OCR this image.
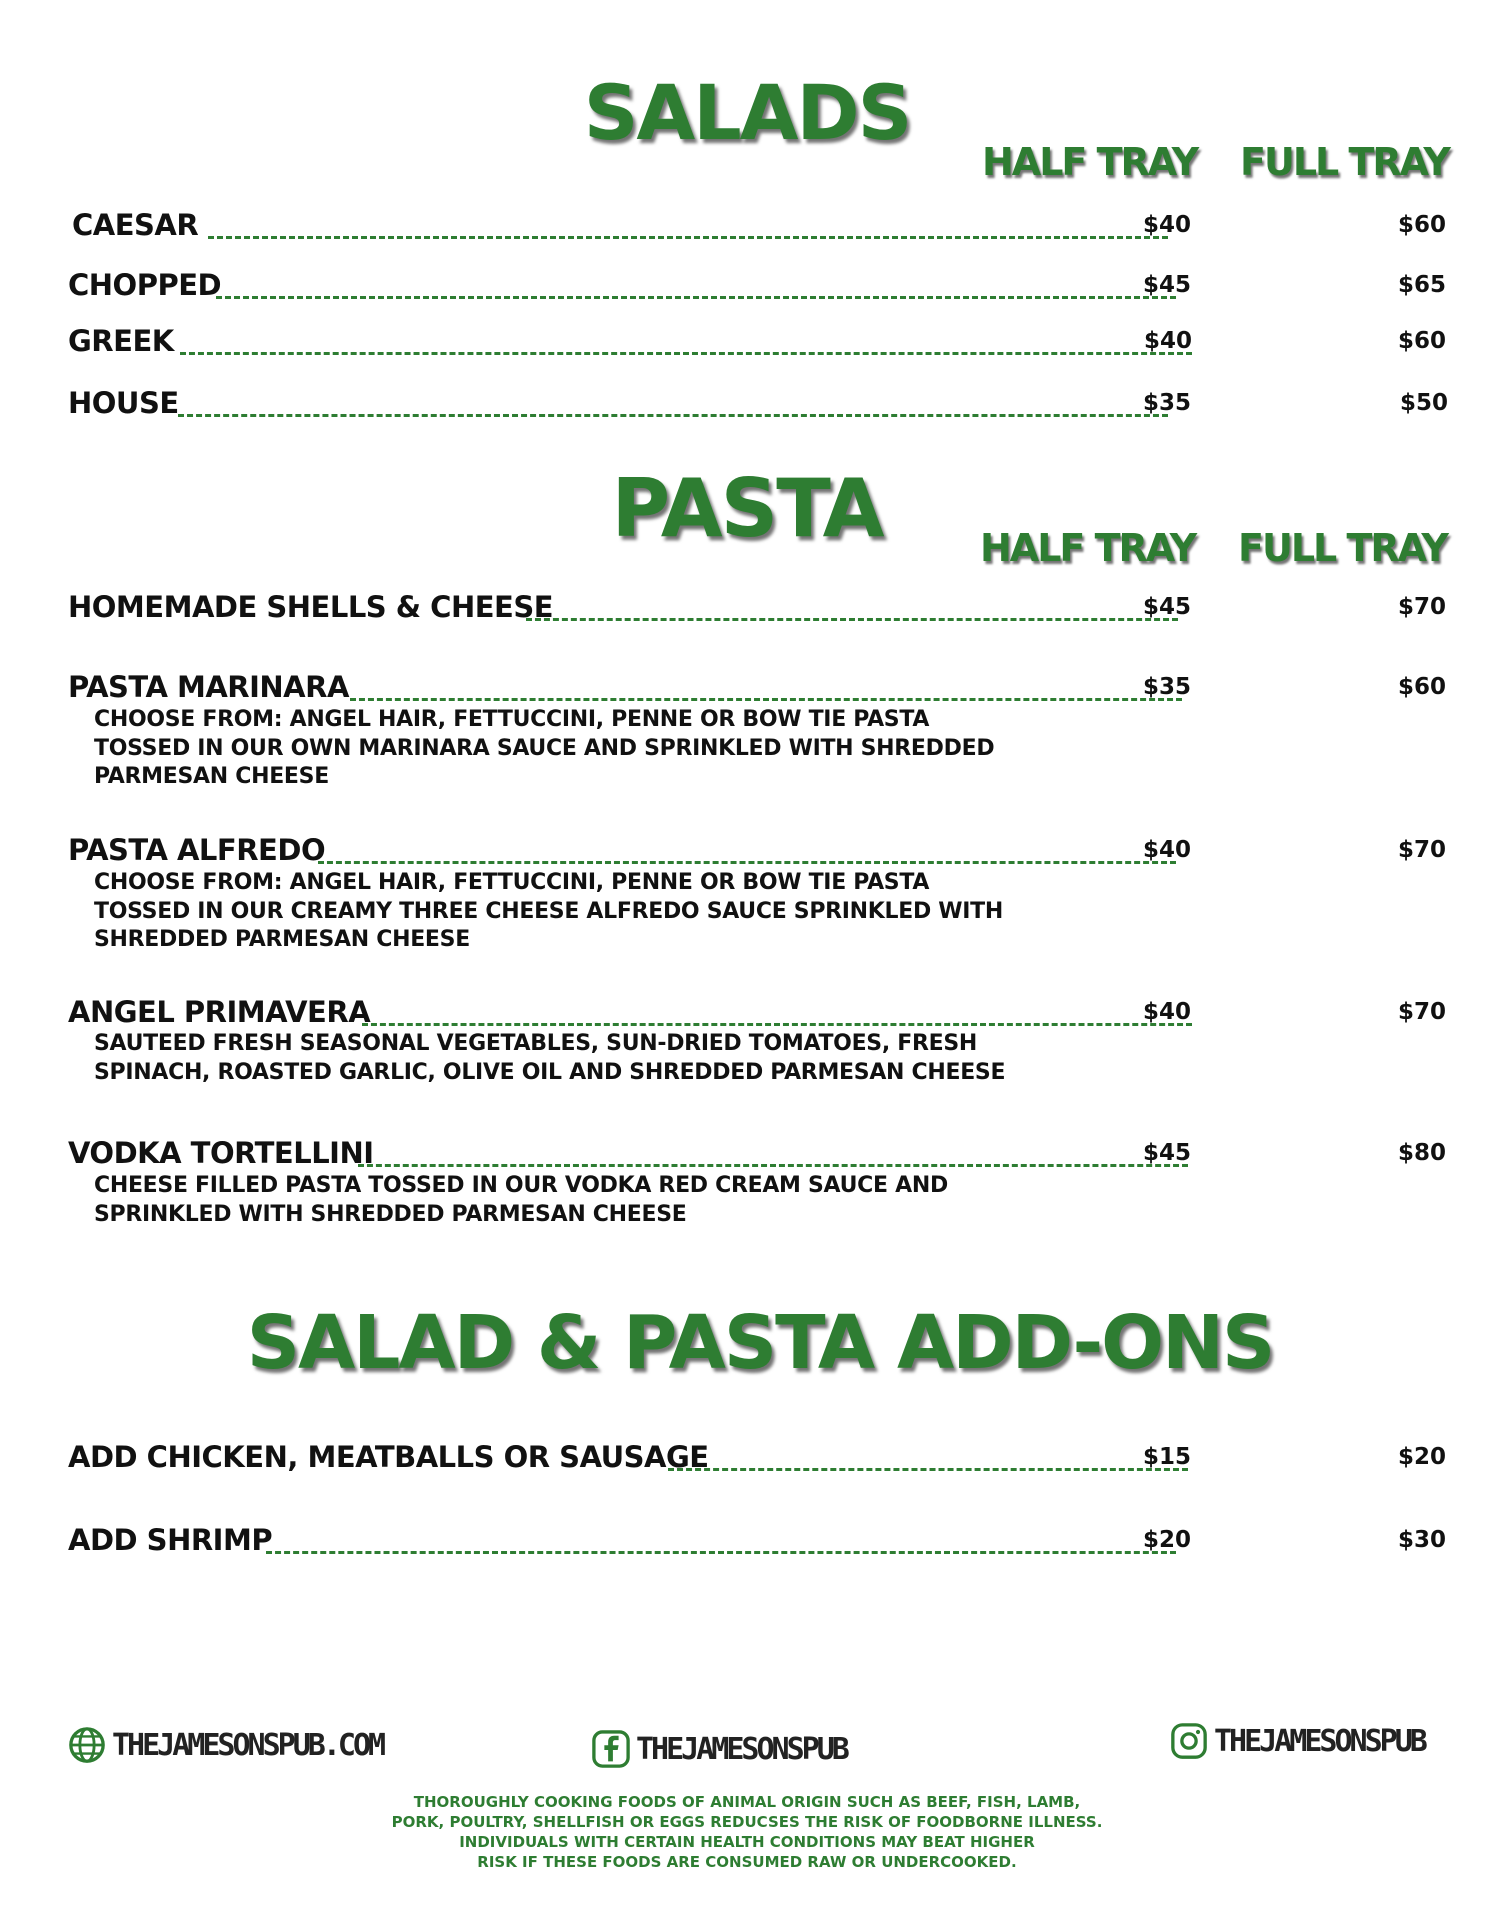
SALADS
HALF TRAY FULL TRAY
CAESAR	$40	$60
CHOPPED	$45	$65
GREEK	$40	$60
HOUSE	$35	$50
PASTA	HALF TRAY FULL TRAY
HOMEMADE SHELLS & CHEESE	$45	$70
PASTA MARINARA	$35	$60
CHOOSE FROM: ANGEL HAIR, FETTUCCINI, PENNE OR BOW TIE PASTA
TOSSED IN OUR OWN MARINARA SAUCE AND SPRINKLED WITH SHREDDED
PARMESAN CHEESE
PASTA ALFREDO	$40	$70
CHOOSE FROM: ANGEL HAIR, FETTUCCINI, PENNE OR BOW TIE PASTA
TOSSED IN OUR CREAMY THREE CHEESE ALFREDO SAUCE SPRINKLED WITH
SHREDDED PARMESAN CHEESE
ANGEL PRIMAVERA	$40	$70
SAUTEED FRESH SEASONAL VEGETABLES, SUN-DRIED TOMATOES, FRESH
SPINACH, ROASTED GARLIC, OLIVE OIL AND SHREDDED PARMESAN CHEESE
VODKA TORTELLINI	$45	$80
CHEESE FILLED PASTA TOSSED IN OUR VODKA RED CREAM SAUCE AND
SPRINKLED WITH SHREDDED PARMESAN CHEESE
SALAD & PASTA ADD-ONS
ADD CHICKEN, MEATBALLS OR SAUSAGE	$15	$20
ADD SHRIMP	$20	$30
THEJAMESONSPUB.COM	THEJAMESONSPUB	THEJAMESONSPUB
THOROUGHLY COOKING FOODS OF ANIMAL ORIGIN SUCH AS BEEF, FISH, LAMB,
PORK, POULTRY, SHELLFISH OR EGGS REDUCSES THE RISK OF FOODBORNE ILLNESS.
INDIVIDUALS WITH CERTAIN HEALTH CONDITIONS MAY BEAT HIGHER
RISK IF THESE FOODS ARE CONSUMED RAW OR UNDERCOOKED.
